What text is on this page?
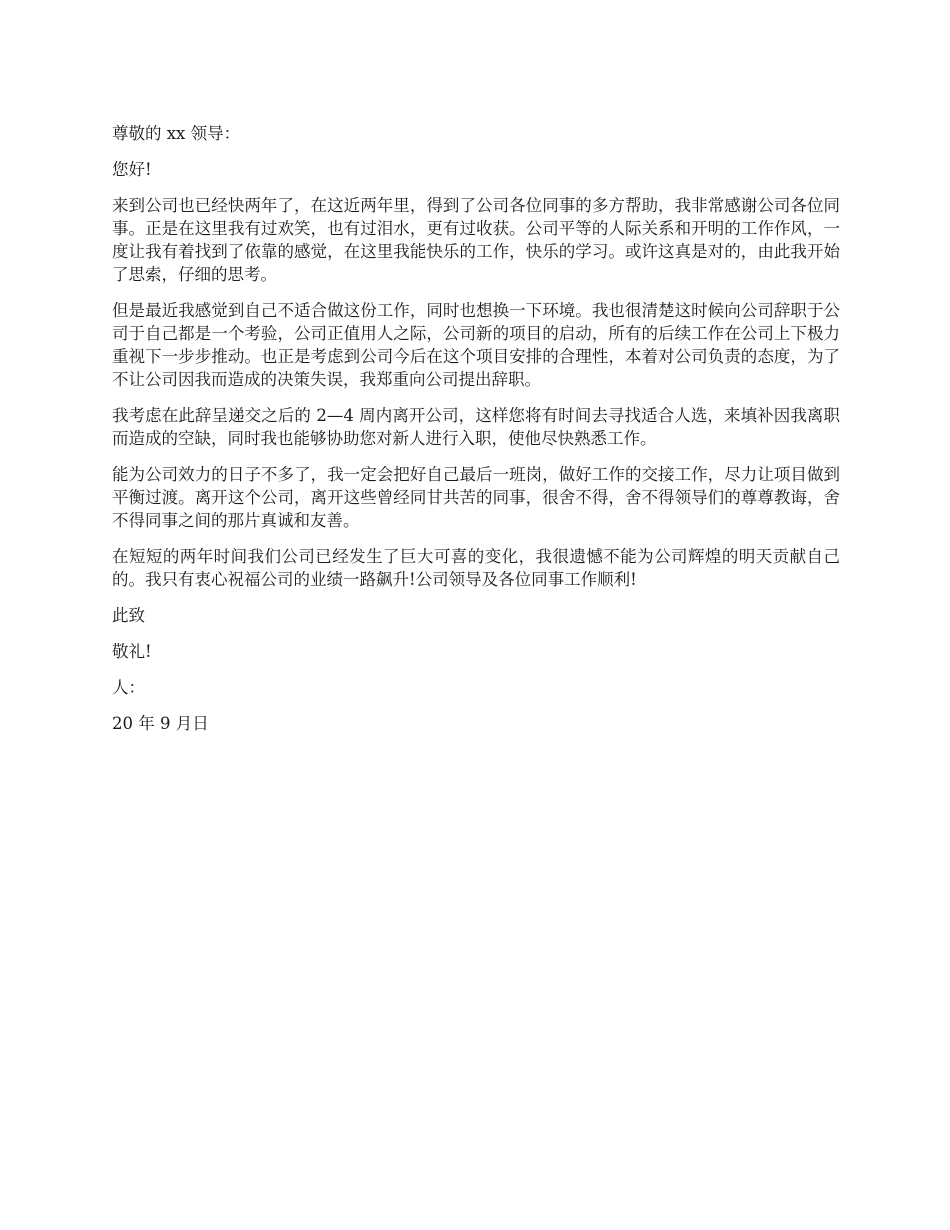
尊敬的 xx 领导：

您好!

来到公司也已经快两年了，在这近两年里，得到了公司各位同事的多方帮助，我非常感谢公司各位同事。正是在这里我有过欢笑，也有过泪水，更有过收获。公司平等的人际关系和开明的工作作风，一度让我有着找到了依靠的感觉，在这里我能快乐的工作，快乐的学习。或许这真是对的，由此我开始了思索，仔细的思考。

但是最近我感觉到自己不适合做这份工作，同时也想换一下环境。我也很清楚这时候向公司辞职于公司于自己都是一个考验，公司正值用人之际，公司新的项目的启动，所有的后续工作在公司上下极力重视下一步步推动。也正是考虑到公司今后在这个项目安排的合理性，本着对公司负责的态度，为了不让公司因我而造成的决策失误，我郑重向公司提出辞职。

我考虑在此辞呈递交之后的 2—4 周内离开公司，这样您将有时间去寻找适合人选，来填补因我离职而造成的空缺，同时我也能够协助您对新人进行入职，使他尽快熟悉工作。

能为公司效力的日子不多了，我一定会把好自己最后一班岗，做好工作的交接工作，尽力让项目做到平衡过渡。离开这个公司，离开这些曾经同甘共苦的同事，很舍不得，舍不得领导们的尊尊教诲，舍不得同事之间的那片真诚和友善。

在短短的两年时间我们公司已经发生了巨大可喜的变化，我很遗憾不能为公司辉煌的明天贡献自己的。我只有衷心祝福公司的业绩一路飙升!公司领导及各位同事工作顺利!

此致

敬礼!

人：

20 年 9 月日
